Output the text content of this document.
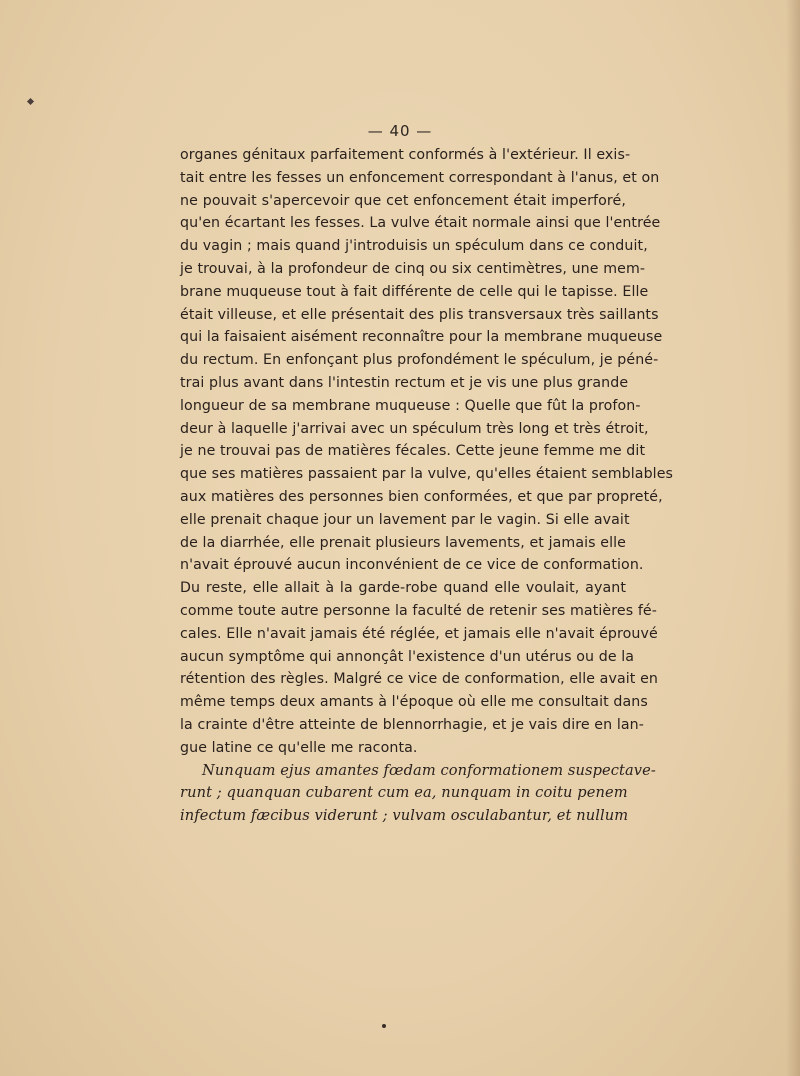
— 40 —
organes génitaux parfaitement conformés à l'extérieur. Il exis-
tait entre les fesses un enfoncement correspondant à l'anus, et on
ne pouvait s'apercevoir que cet enfoncement était imperforé,
qu'en écartant les fesses. La vulve était normale ainsi que l'entrée
du vagin ; mais quand j'introduisis un spéculum dans ce conduit,
je trouvai, à la profondeur de cinq ou six centimètres, une mem-
brane muqueuse tout à fait différente de celle qui le tapisse. Elle
était villeuse, et elle présentait des plis transversaux très saillants
qui la faisaient aisément reconnaître pour la membrane muqueuse
du rectum. En enfonçant plus profondément le spéculum, je péné-
trai plus avant dans l'intestin rectum et je vis une plus grande
longueur de sa membrane muqueuse : Quelle que fût la profon-
deur à laquelle j'arrivai avec un spéculum très long et très étroit,
je ne trouvai pas de matières fécales. Cette jeune femme me dit
que ses matières passaient par la vulve, qu'elles étaient semblables
aux matières des personnes bien conformées, et que par propreté,
elle prenait chaque jour un lavement par le vagin. Si elle avait
de la diarrhée, elle prenait plusieurs lavements, et jamais elle
n'avait éprouvé aucun inconvénient de ce vice de conformation.
Du reste, elle allait à la garde-robe quand elle voulait, ayant
comme toute autre personne la faculté de retenir ses matières fé-
cales. Elle n'avait jamais été réglée, et jamais elle n'avait éprouvé
aucun symptôme qui annonçât l'existence d'un utérus ou de la
rétention des règles. Malgré ce vice de conformation, elle avait en
même temps deux amants à l'époque où elle me consultait dans
la crainte d'être atteinte de blennorrhagie, et je vais dire en lan-
gue latine ce qu'elle me raconta.
Nunquam ejus amantes fœdam conformationem suspectave-
runt ; quanquan cubarent cum ea, nunquam in coitu penem
infectum fæcibus viderunt ; vulvam osculabantur, et nullum
